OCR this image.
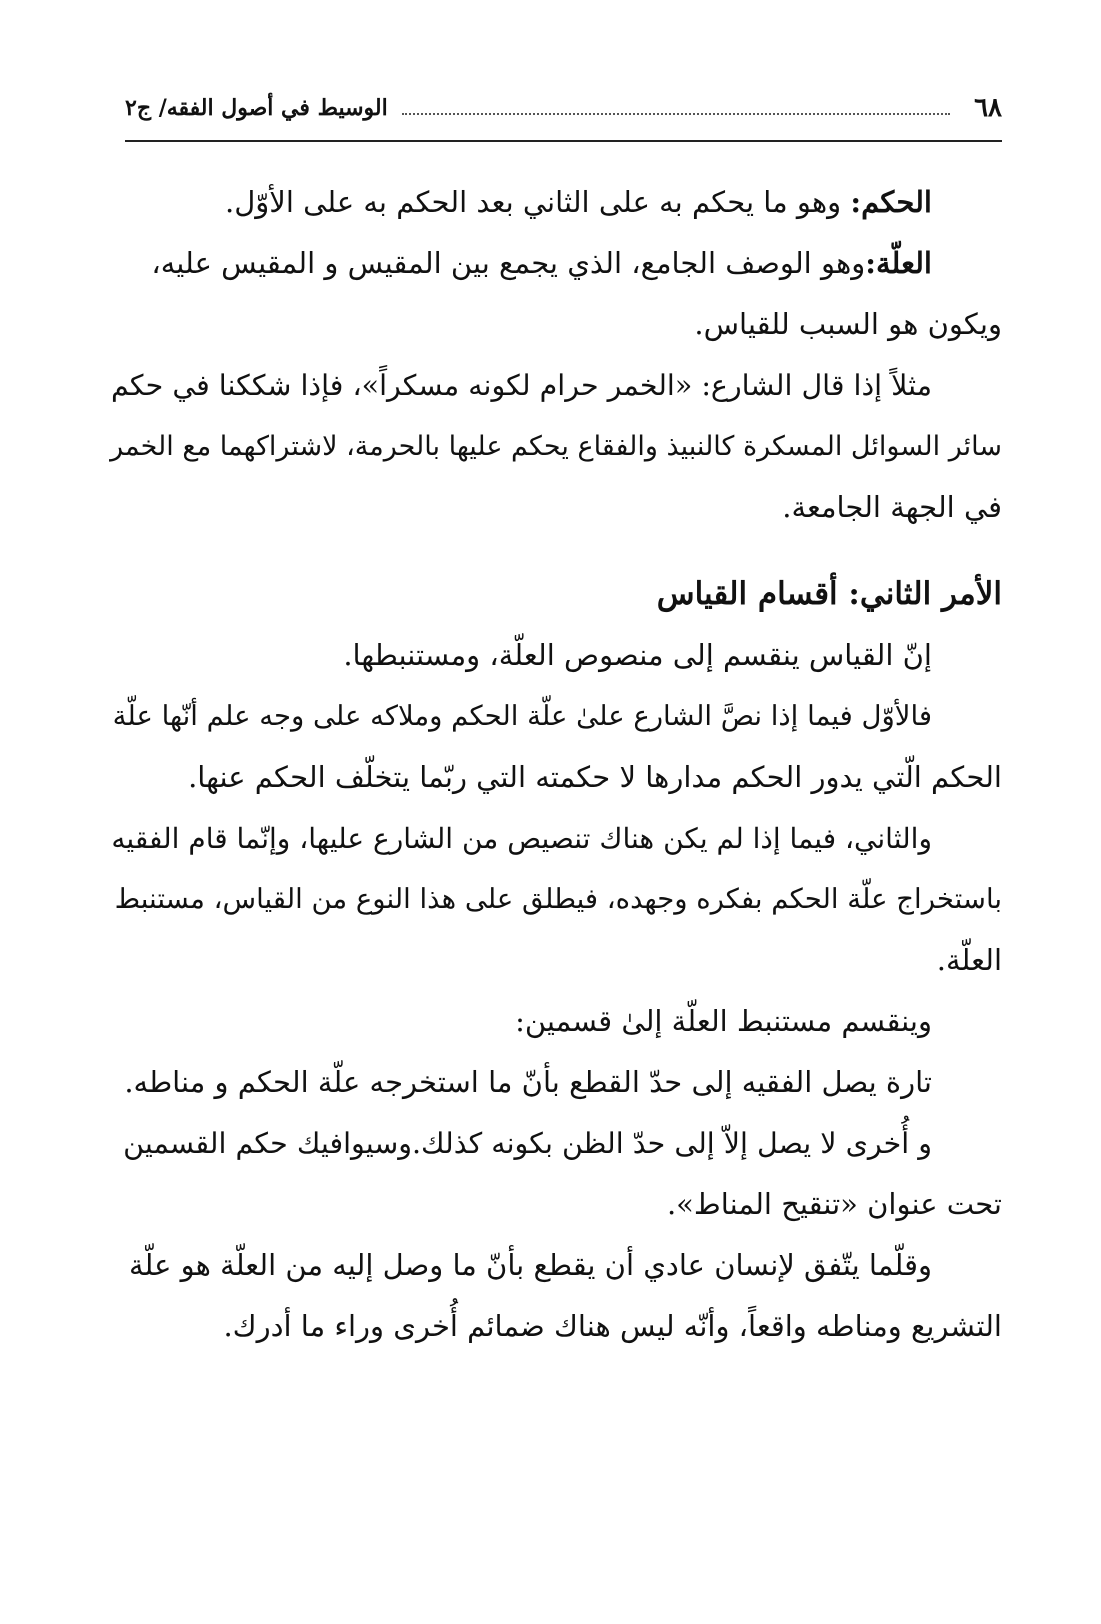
٦٨
الوسيط في أصول الفقه/ ج٢
الحكم: وهو ما يحكم به على الثاني بعد الحكم به على الأوّل.
العلّة:وهو الوصف الجامع، الذي يجمع بين المقيس و المقيس عليه،
ويكون هو السبب للقياس.
مثلاً إذا قال الشارع: «الخمر حرام لكونه مسكراً»، فإذا شككنا في حكم
سائر السوائل المسكرة كالنبيذ والفقاع يحكم عليها بالحرمة، لاشتراكهما مع الخمر
في الجهة الجامعة.
الأمر الثاني: أقسام القياس
إنّ القياس ينقسم إلى منصوص العلّة، ومستنبطها.
فالأوّل فيما إذا نصَّ الشارع علىٰ علّة الحكم وملاكه على وجه علم أنّها علّة
الحكم الّتي يدور الحكم مدارها لا حكمته التي ربّما يتخلّف الحكم عنها.
والثاني، فيما إذا لم يكن هناك تنصيص من الشارع عليها، وإنّما قام الفقيه
باستخراج علّة الحكم بفكره وجهده، فيطلق على هذا النوع من القياس، مستنبط
العلّة.
وينقسم مستنبط العلّة إلىٰ قسمين:
تارة يصل الفقيه إلى حدّ القطع بأنّ ما استخرجه علّة الحكم و مناطه.
و أُخرى لا يصل إلاّ إلى حدّ الظن بكونه كذلك.وسيوافيك حكم القسمين
تحت عنوان «تنقيح المناط».
وقلّما يتّفق لإنسان عادي أن يقطع بأنّ ما وصل إليه من العلّة هو علّة
التشريع ومناطه واقعاً، وأنّه ليس هناك ضمائم أُخرى وراء ما أدرك.
